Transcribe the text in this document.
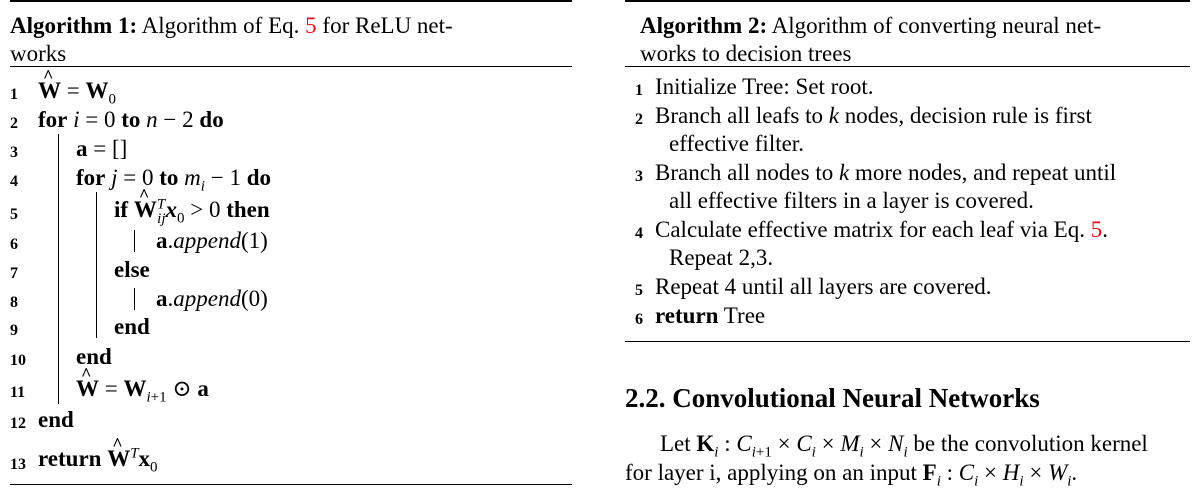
Algorithm 1: Algorithm of Eq. 5 for ReLU net-
works
1 ^ $W = W_0$
2 for i = 0 to n − 2 do
3	a = []
4	for j = 0 to $m_i - 1$ do
5	if ^ $W^T_{ij}x_0 > 0$ then
6	a.append(1)
7	else
8	a.append(0)
9	end
10	end
11	^ $W = W_{i+1}$ ⊙ a
12 end
13 return ^ $W^Tx_0$
Algorithm 2: Algorithm of converting neural net-
works to decision trees
1 Initialize Tree: Set root.
2 Branch all leafs to k nodes, decision rule is first
effective filter.
3 Branch all nodes to k more nodes, and repeat until
all effective filters in a layer is covered.
4 Calculate effective matrix for each leaf via Eq. 5.
Repeat 2,3.
5 Repeat 4 until all layers are covered.
6 return Tree
2.2. Convolutional Neural Networks
Let $K_i$ : $C_{i+1} \times C_i \times M_i \times N_i$ be the convolution kernel
for layer i, applying on an input $F_i$ : $C_i \times H_i \times W_i$.
